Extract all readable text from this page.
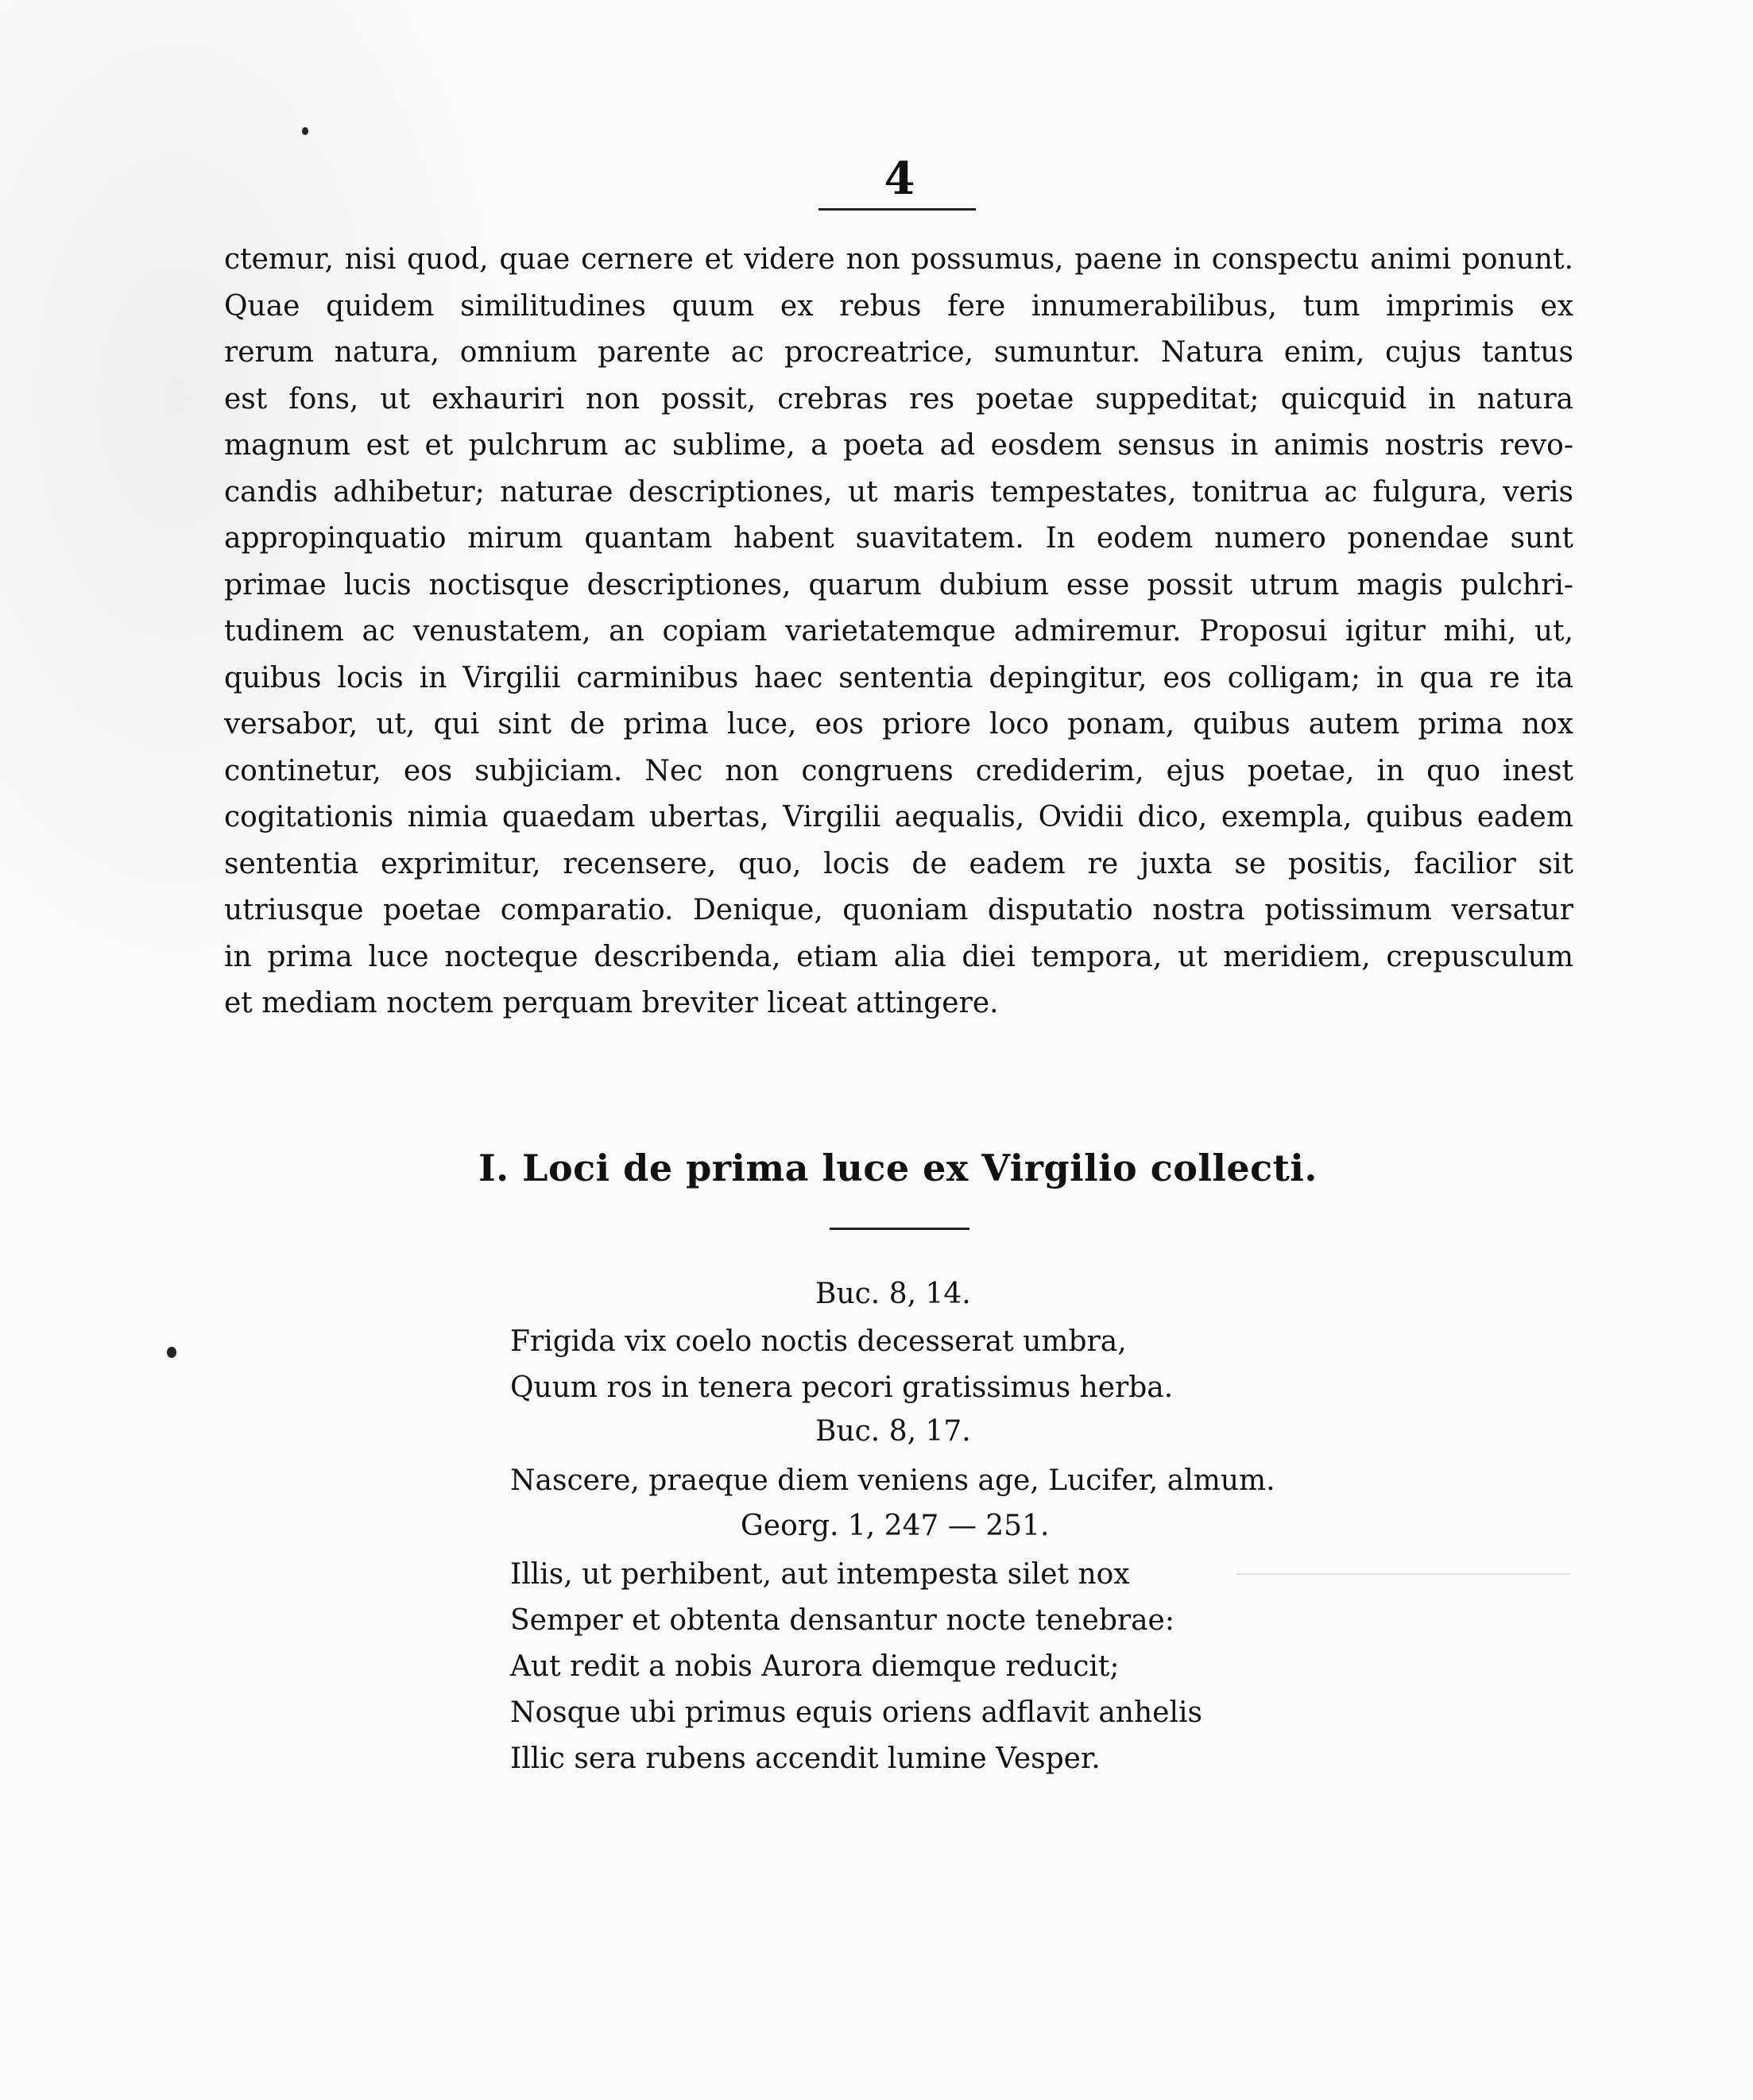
4
ctemur, nisi quod, quae cernere et videre non possumus, paene in conspectu animi ponunt.
Quae quidem similitudines quum ex rebus fere innumerabilibus, tum imprimis ex
rerum natura, omnium parente ac procreatrice, sumuntur. Natura enim, cujus tantus
est fons, ut exhauriri non possit, crebras res poetae suppeditat; quicquid in natura
magnum est et pulchrum ac sublime, a poeta ad eosdem sensus in animis nostris revo-
candis adhibetur; naturae descriptiones, ut maris tempestates, tonitrua ac fulgura, veris
appropinquatio mirum quantam habent suavitatem. In eodem numero ponendae sunt
primae lucis noctisque descriptiones, quarum dubium esse possit utrum magis pulchri-
tudinem ac venustatem, an copiam varietatemque admiremur. Proposui igitur mihi, ut,
quibus locis in Virgilii carminibus haec sententia depingitur, eos colligam; in qua re ita
versabor, ut, qui sint de prima luce, eos priore loco ponam, quibus autem prima nox
continetur, eos subjiciam. Nec non congruens crediderim, ejus poetae, in quo inest
cogitationis nimia quaedam ubertas, Virgilii aequalis, Ovidii dico, exempla, quibus eadem
sententia exprimitur, recensere, quo, locis de eadem re juxta se positis, facilior sit
utriusque poetae comparatio. Denique, quoniam disputatio nostra potissimum versatur
in prima luce nocteque describenda, etiam alia diei tempora, ut meridiem, crepusculum
et mediam noctem perquam breviter liceat attingere.
I. Loci de prima luce ex Virgilio collecti.
Buc. 8, 14.
Frigida vix coelo noctis decesserat umbra,
Quum ros in tenera pecori gratissimus herba.
Buc. 8, 17.
Nascere, praeque diem veniens age, Lucifer, almum.
Georg. 1, 247 — 251.
Illis, ut perhibent, aut intempesta silet nox
Semper et obtenta densantur nocte tenebrae:
Aut redit a nobis Aurora diemque reducit;
Nosque ubi primus equis oriens adflavit anhelis
Illic sera rubens accendit lumine Vesper.
